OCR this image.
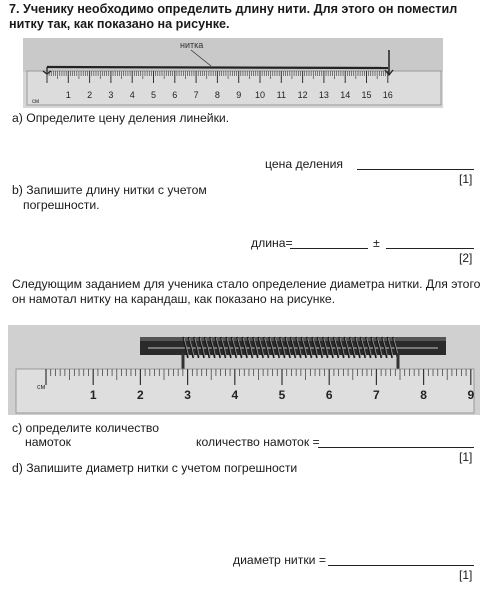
7. Ученику необходимо определить длину нити. Для этого он поместил нитку так, как показано на рисунке.
нитка
1 2 3 4 5 6 7 8 9 10 11 12 13 14 15 16
см
a) Определите цену деления линейки.
цена деления
[1]
b) Запишите длину нитки с учетом
погрешности.
длина=	±
[2]
Следующим заданием для ученика стало определение диаметра нитки. Для этого он намотал нитку на карандаш, как показано на рисунке.
1	2	3	4	5	6	7	8	9
см
c) определите количество
намоток	количество намоток =
[1]
d) Запишите диаметр нитки с учетом погрешности
диаметр нитки =
[1]
